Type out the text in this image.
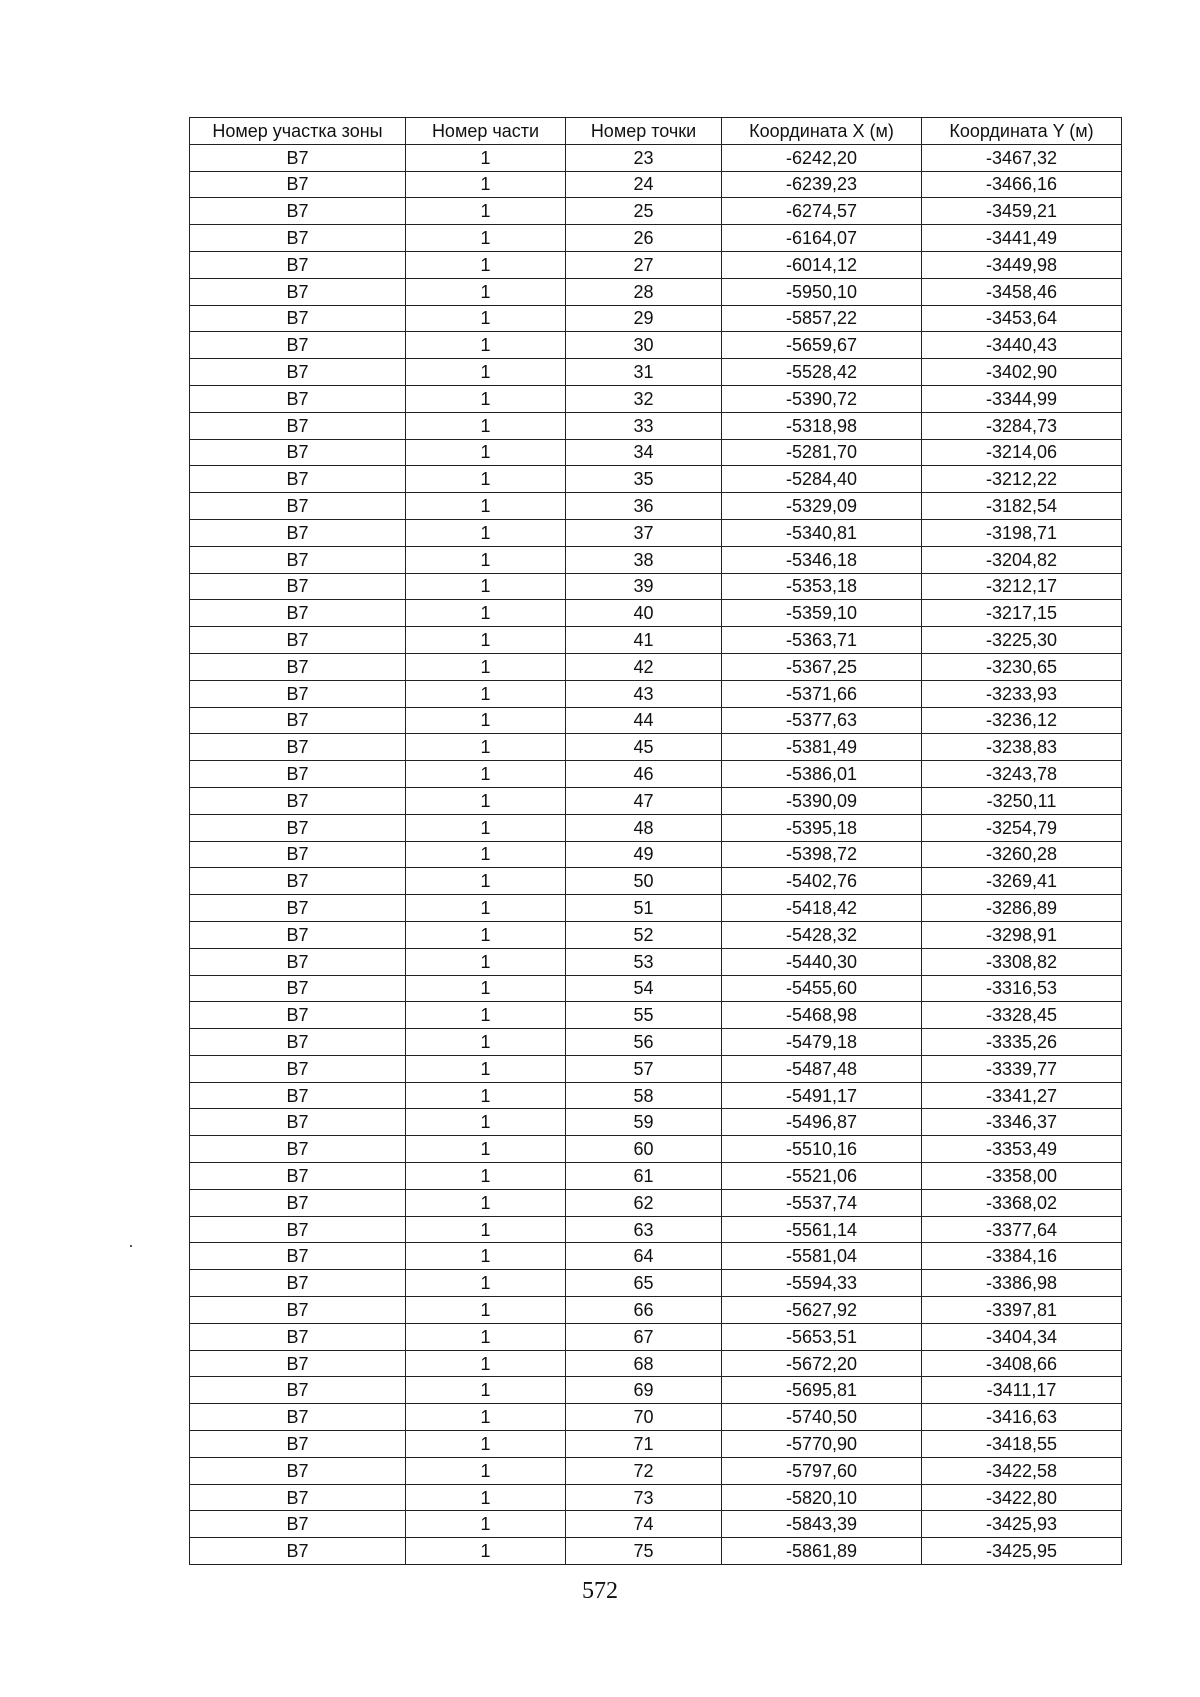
Номер участка зоны	Номер части	Номер точки	Координата X (м)	Координата Y (м)
В7	1	23	-6242,20	-3467,32
В7	1	24	-6239,23	-3466,16
В7	1	25	-6274,57	-3459,21
В7	1	26	-6164,07	-3441,49
В7	1	27	-6014,12	-3449,98
В7	1	28	-5950,10	-3458,46
В7	1	29	-5857,22	-3453,64
В7	1	30	-5659,67	-3440,43
В7	1	31	-5528,42	-3402,90
В7	1	32	-5390,72	-3344,99
В7	1	33	-5318,98	-3284,73
В7	1	34	-5281,70	-3214,06
В7	1	35	-5284,40	-3212,22
В7	1	36	-5329,09	-3182,54
В7	1	37	-5340,81	-3198,71
В7	1	38	-5346,18	-3204,82
В7	1	39	-5353,18	-3212,17
В7	1	40	-5359,10	-3217,15
В7	1	41	-5363,71	-3225,30
В7	1	42	-5367,25	-3230,65
В7	1	43	-5371,66	-3233,93
В7	1	44	-5377,63	-3236,12
В7	1	45	-5381,49	-3238,83
В7	1	46	-5386,01	-3243,78
В7	1	47	-5390,09	-3250,11
В7	1	48	-5395,18	-3254,79
В7	1	49	-5398,72	-3260,28
В7	1	50	-5402,76	-3269,41
В7	1	51	-5418,42	-3286,89
В7	1	52	-5428,32	-3298,91
В7	1	53	-5440,30	-3308,82
В7	1	54	-5455,60	-3316,53
В7	1	55	-5468,98	-3328,45
В7	1	56	-5479,18	-3335,26
В7	1	57	-5487,48	-3339,77
В7	1	58	-5491,17	-3341,27
В7	1	59	-5496,87	-3346,37
В7	1	60	-5510,16	-3353,49
В7	1	61	-5521,06	-3358,00
В7	1	62	-5537,74	-3368,02
В7	1	63	-5561,14	-3377,64
В7	1	64	-5581,04	-3384,16
В7	1	65	-5594,33	-3386,98
В7	1	66	-5627,92	-3397,81
В7	1	67	-5653,51	-3404,34
В7	1	68	-5672,20	-3408,66
В7	1	69	-5695,81	-3411,17
В7	1	70	-5740,50	-3416,63
В7	1	71	-5770,90	-3418,55
В7	1	72	-5797,60	-3422,58
В7	1	73	-5820,10	-3422,80
В7	1	74	-5843,39	-3425,93
В7	1	75	-5861,89	-3425,95
572
